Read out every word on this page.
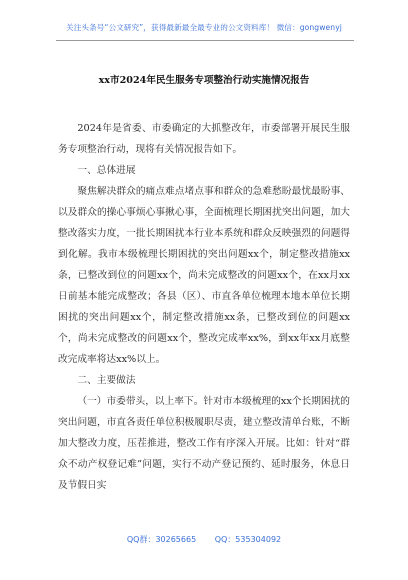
关注头条号“公文研究”，获得最新最全最专业的公文资料库！ 微信：gongwenyj
xx市2024年民生服务专项整治行动实施情况报告

2024年是省委、市委确定的大抓整改年，市委部署开展民生服务专项整治行动，现将有关情况报告如下。

一、总体进展

聚焦解决群众的痛点难点堵点事和群众的急难愁盼最忧最盼事、以及群众的操心事烦心事揪心事，全面梳理长期困扰突出问题，加大整改落实力度，一批长期困扰本行业本系统和群众反映强烈的问题得到化解。我市本级梳理长期困扰的突出问题xx个，制定整改措施xx条，已整改到位的问题xx个，尚未完成整改的问题xx个，在xx月xx日前基本能完成整改；各县（区）、市直各单位梳理本地本单位长期困扰的突出问题xx个，制定整改措施xx条，已整改到位的问题xx个，尚未完成整改的问题xx个，整改完成率xx%，到xx年xx月底整改完成率将达xx%以上。

二、主要做法

（一）市委带头，以上率下。针对市本级梳理的xx个长期困扰的突出问题，市直各责任单位积极履职尽责，建立整改清单台账，不断加大整改力度，压茬推进，整改工作有序深入开展。比如：针对“群众不动产权登记难”问题，实行不动产登记预约、延时服务，休息日及节假日实

QQ群：30265665 QQ：535304092
